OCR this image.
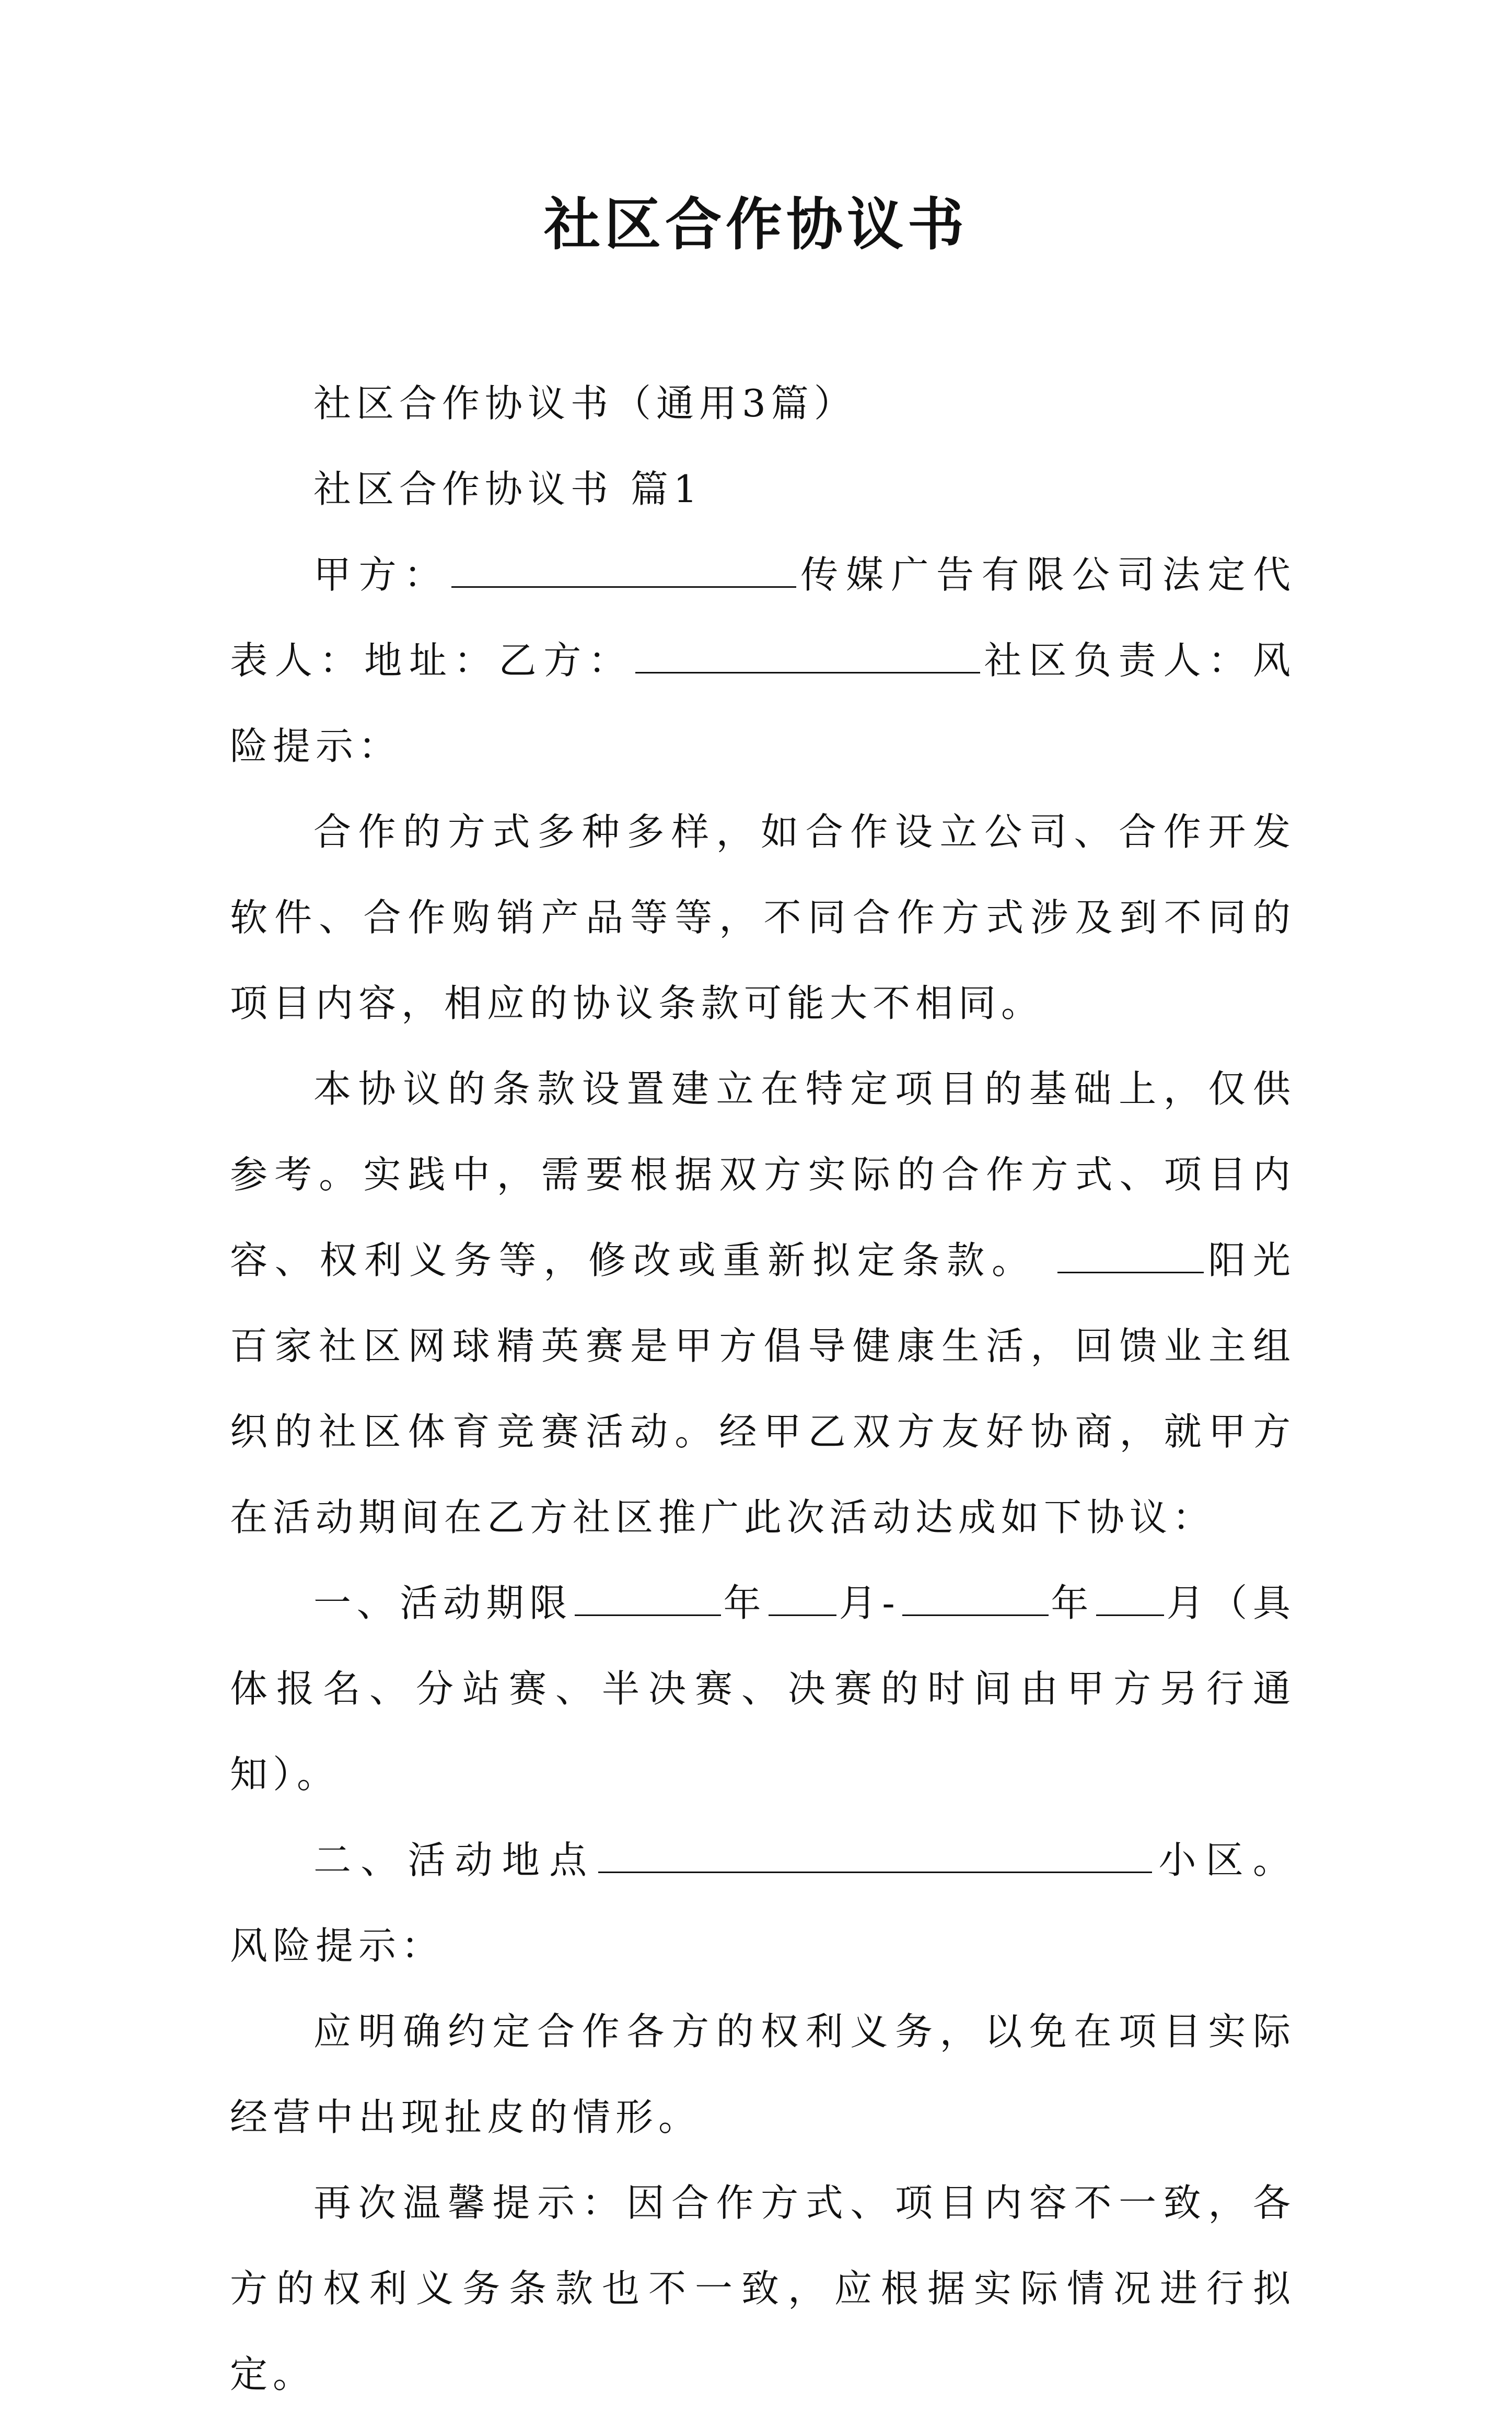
社区合作协议书

社区合作协议书（通用3篇）

社区合作协议书 篇1

甲方：	传媒广告有限公司法定代表人：地址：乙方：	社区负责人：风险提示：

合作的方式多种多样，如合作设立公司、合作开发软件、合作购销产品等等，不同合作方式涉及到不同的项目内容，相应的协议条款可能大不相同。

本协议的条款设置建立在特定项目的基础上，仅供参考。实践中，需要根据双方实际的合作方式、项目内容、权利义务等，修改或重新拟定条款。	阳光百家社区网球精英赛是甲方倡导健康生活，回馈业主组织的社区体育竞赛活动。经甲乙双方友好协商，就甲方在活动期间在乙方社区推广此次活动达成如下协议：

一、活动期限	年 月-	年 月（具体报名、分站赛、半决赛、决赛的时间由甲方另行通知）。

二、活动地点	小区。风险提示：

应明确约定合作各方的权利义务，以免在项目实际经营中出现扯皮的情形。

再次温馨提示：因合作方式、项目内容不一致，各方的权利义务条款也不一致，应根据实际情况进行拟定。
